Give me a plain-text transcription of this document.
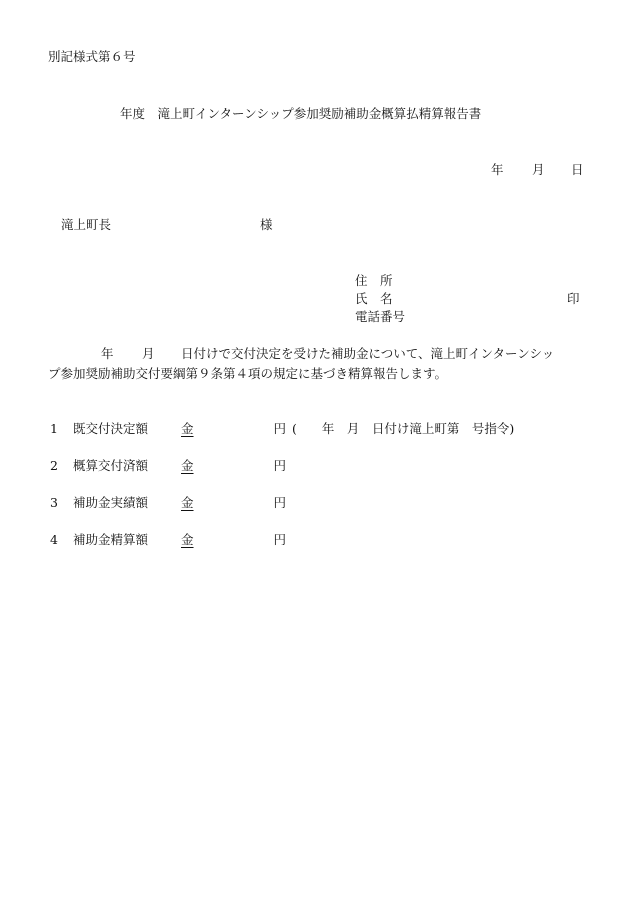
別記様式第６号
年度　滝上町インターンシップ参加奨励補助金概算払精算報告書
年 月 日
滝上町長	様
住　所
氏　名	印
電話番号
年 月 日付けで交付決定を受けた補助金について、滝上町インターンシッ
プ参加奨励補助交付要綱第９条第４項の規定に基づき精算報告します。
1 既交付決定額	金	円 (　　年　月　日付け滝上町第　号指令)
2 概算交付済額	金	円
3 補助金実績額	金	円
4 補助金精算額	金	円
